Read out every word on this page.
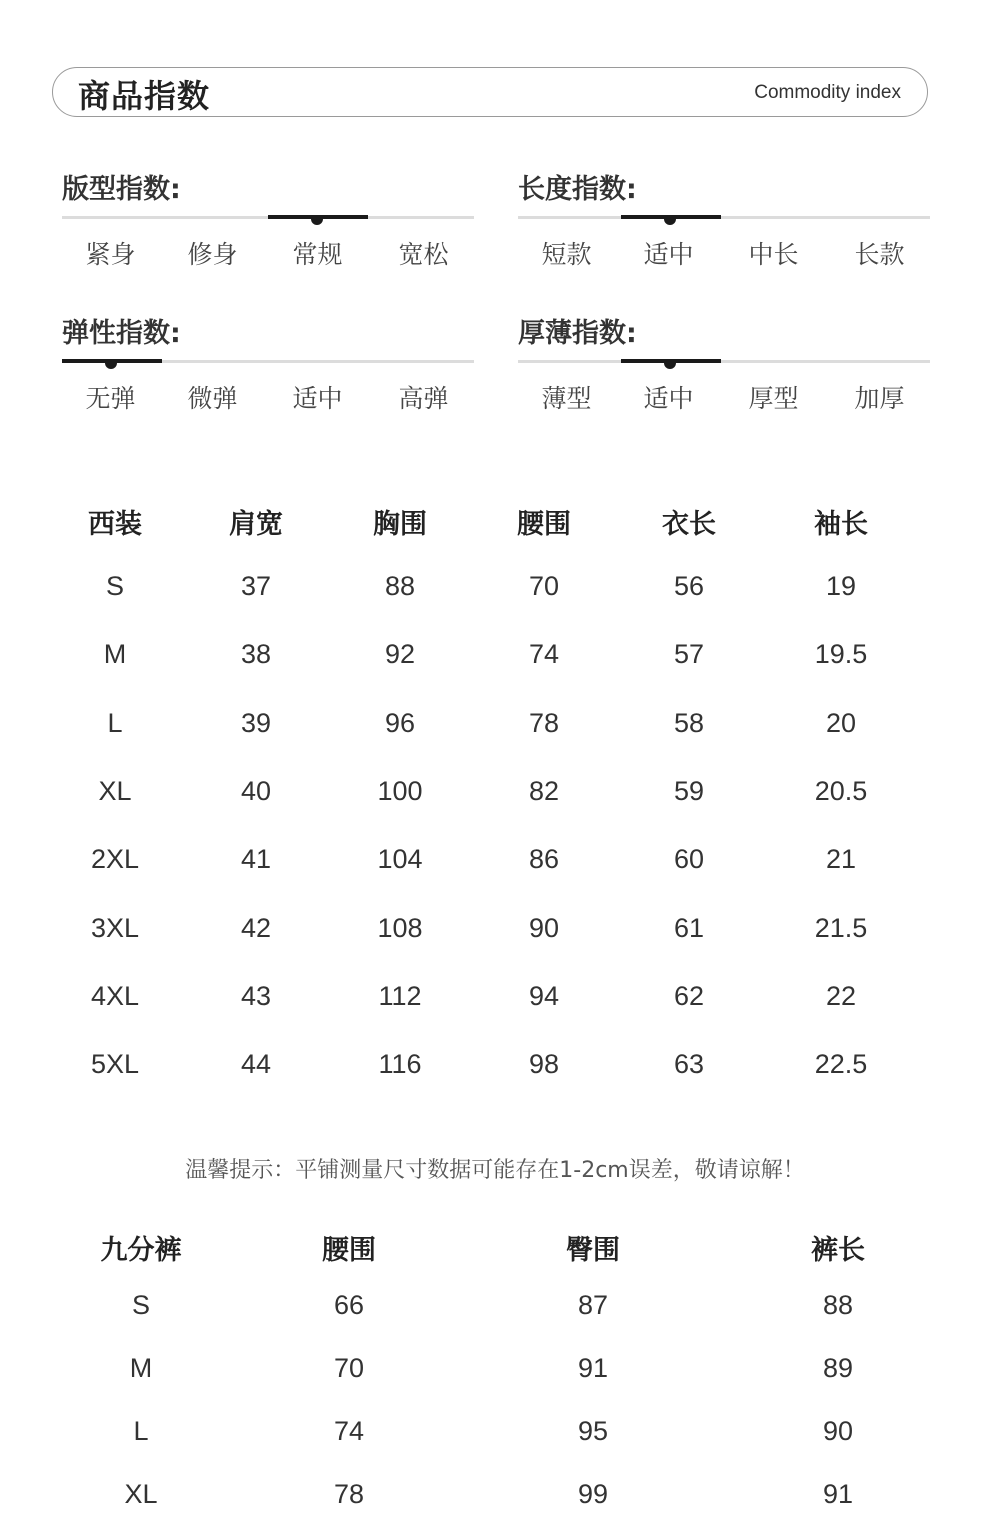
商品指数	Commodity index
版型指数:
紧身	修身	常规	宽松
长度指数:
短款	适中	中长	长款
弹性指数:
无弹	微弹	适中	高弹
厚薄指数:
薄型	适中	厚型	加厚
西装	肩宽	胸围	腰围	衣长	袖长
S	37	88	70	56	19
M	38	92	74	57	19.5
L	39	96	78	58	20
XL	40	100	82	59	20.5
2XL	41	104	86	60	21
3XL	42	108	90	61	21.5
4XL	43	112	94	62	22
5XL	44	116	98	63	22.5
温馨提示：平铺测量尺寸数据可能存在1-2cm误差，敬请谅解！
九分裤	腰围	臀围	裤长
S	66	87	88
M	70	91	89
L	74	95	90
XL	78	99	91
